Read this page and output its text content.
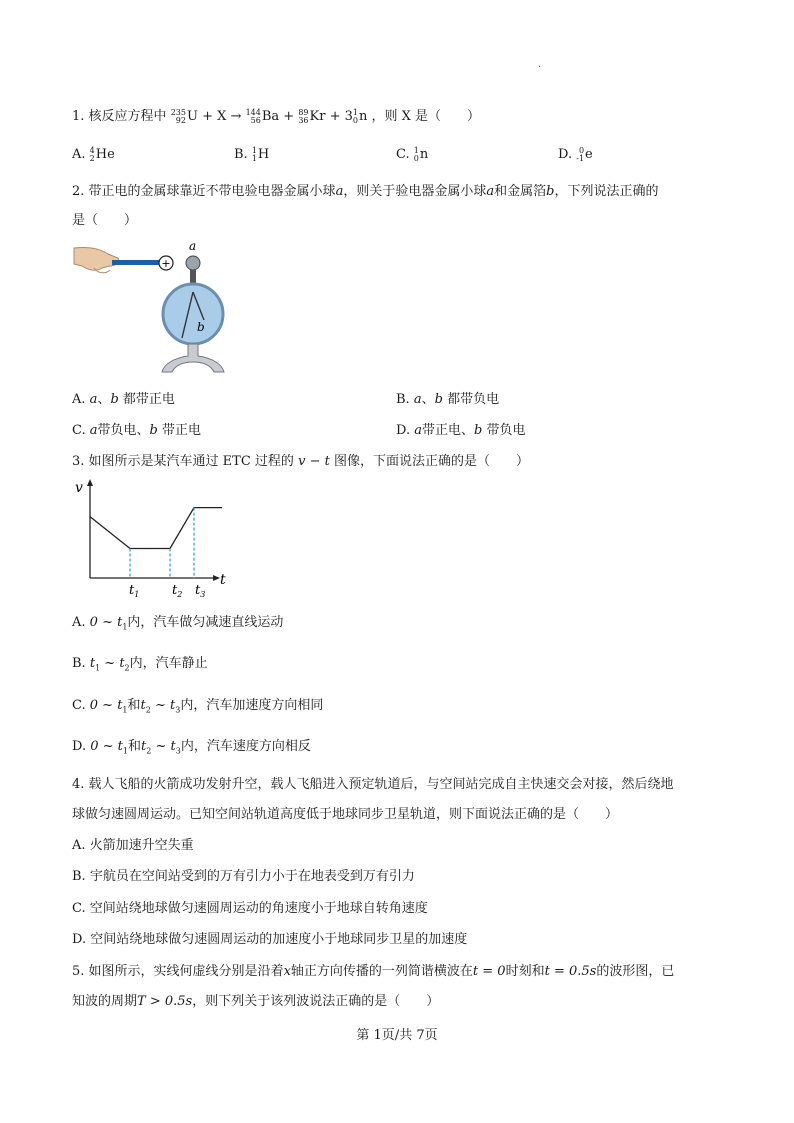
·
1. 核反应方程中 235
92 U + X → 144
56 Ba + 89
36 Kr + 3 1
0 n ，则 X 是（　　）
A. 4
2 He	B. 1
1 H	C. 1
0 n	D. 0
-1 e
2. 带正电的金属球靠近不带电验电器金属小球a，则关于验电器金属小球a和金属箔b，下列说法正确的
是（　　）
+
a
b
A. a、b 都带正电	B. a、b 都带负电
C. a带负电、b 带正电	D. a带正电、b 带负电
3. 如图所示是某汽车通过 ETC 过程的 v − t 图像，下面说法正确的是（　　）
v
t
$t_1$	$t_2$ $t_3$
A. 0 ~ $t_1$内，汽车做匀减速直线运动
B. $t_1$ ~ $t_2$内，汽车静止
C. 0 ~ $t_1$和$t_2$ ~ $t_3$内，汽车加速度方向相同
D. 0 ~ $t_1$和$t_2$ ~ $t_3$内，汽车速度方向相反
4. 载人飞船的火箭成功发射升空，载人飞船进入预定轨道后，与空间站完成自主快速交会对接，然后绕地
球做匀速圆周运动。已知空间站轨道高度低于地球同步卫星轨道，则下面说法正确的是（　　）
A. 火箭加速升空失重
B. 宇航员在空间站受到的万有引力小于在地表受到万有引力
C. 空间站绕地球做匀速圆周运动的角速度小于地球自转角速度
D. 空间站绕地球做匀速圆周运动的加速度小于地球同步卫星的加速度
5. 如图所示，实线何虚线分别是沿着x轴正方向传播的一列简谐横波在t = 0时刻和t = 0.5s的波形图，已
知波的周期T > 0.5s，则下列关于该列波说法正确的是（　　）
第 1页/共 7页
